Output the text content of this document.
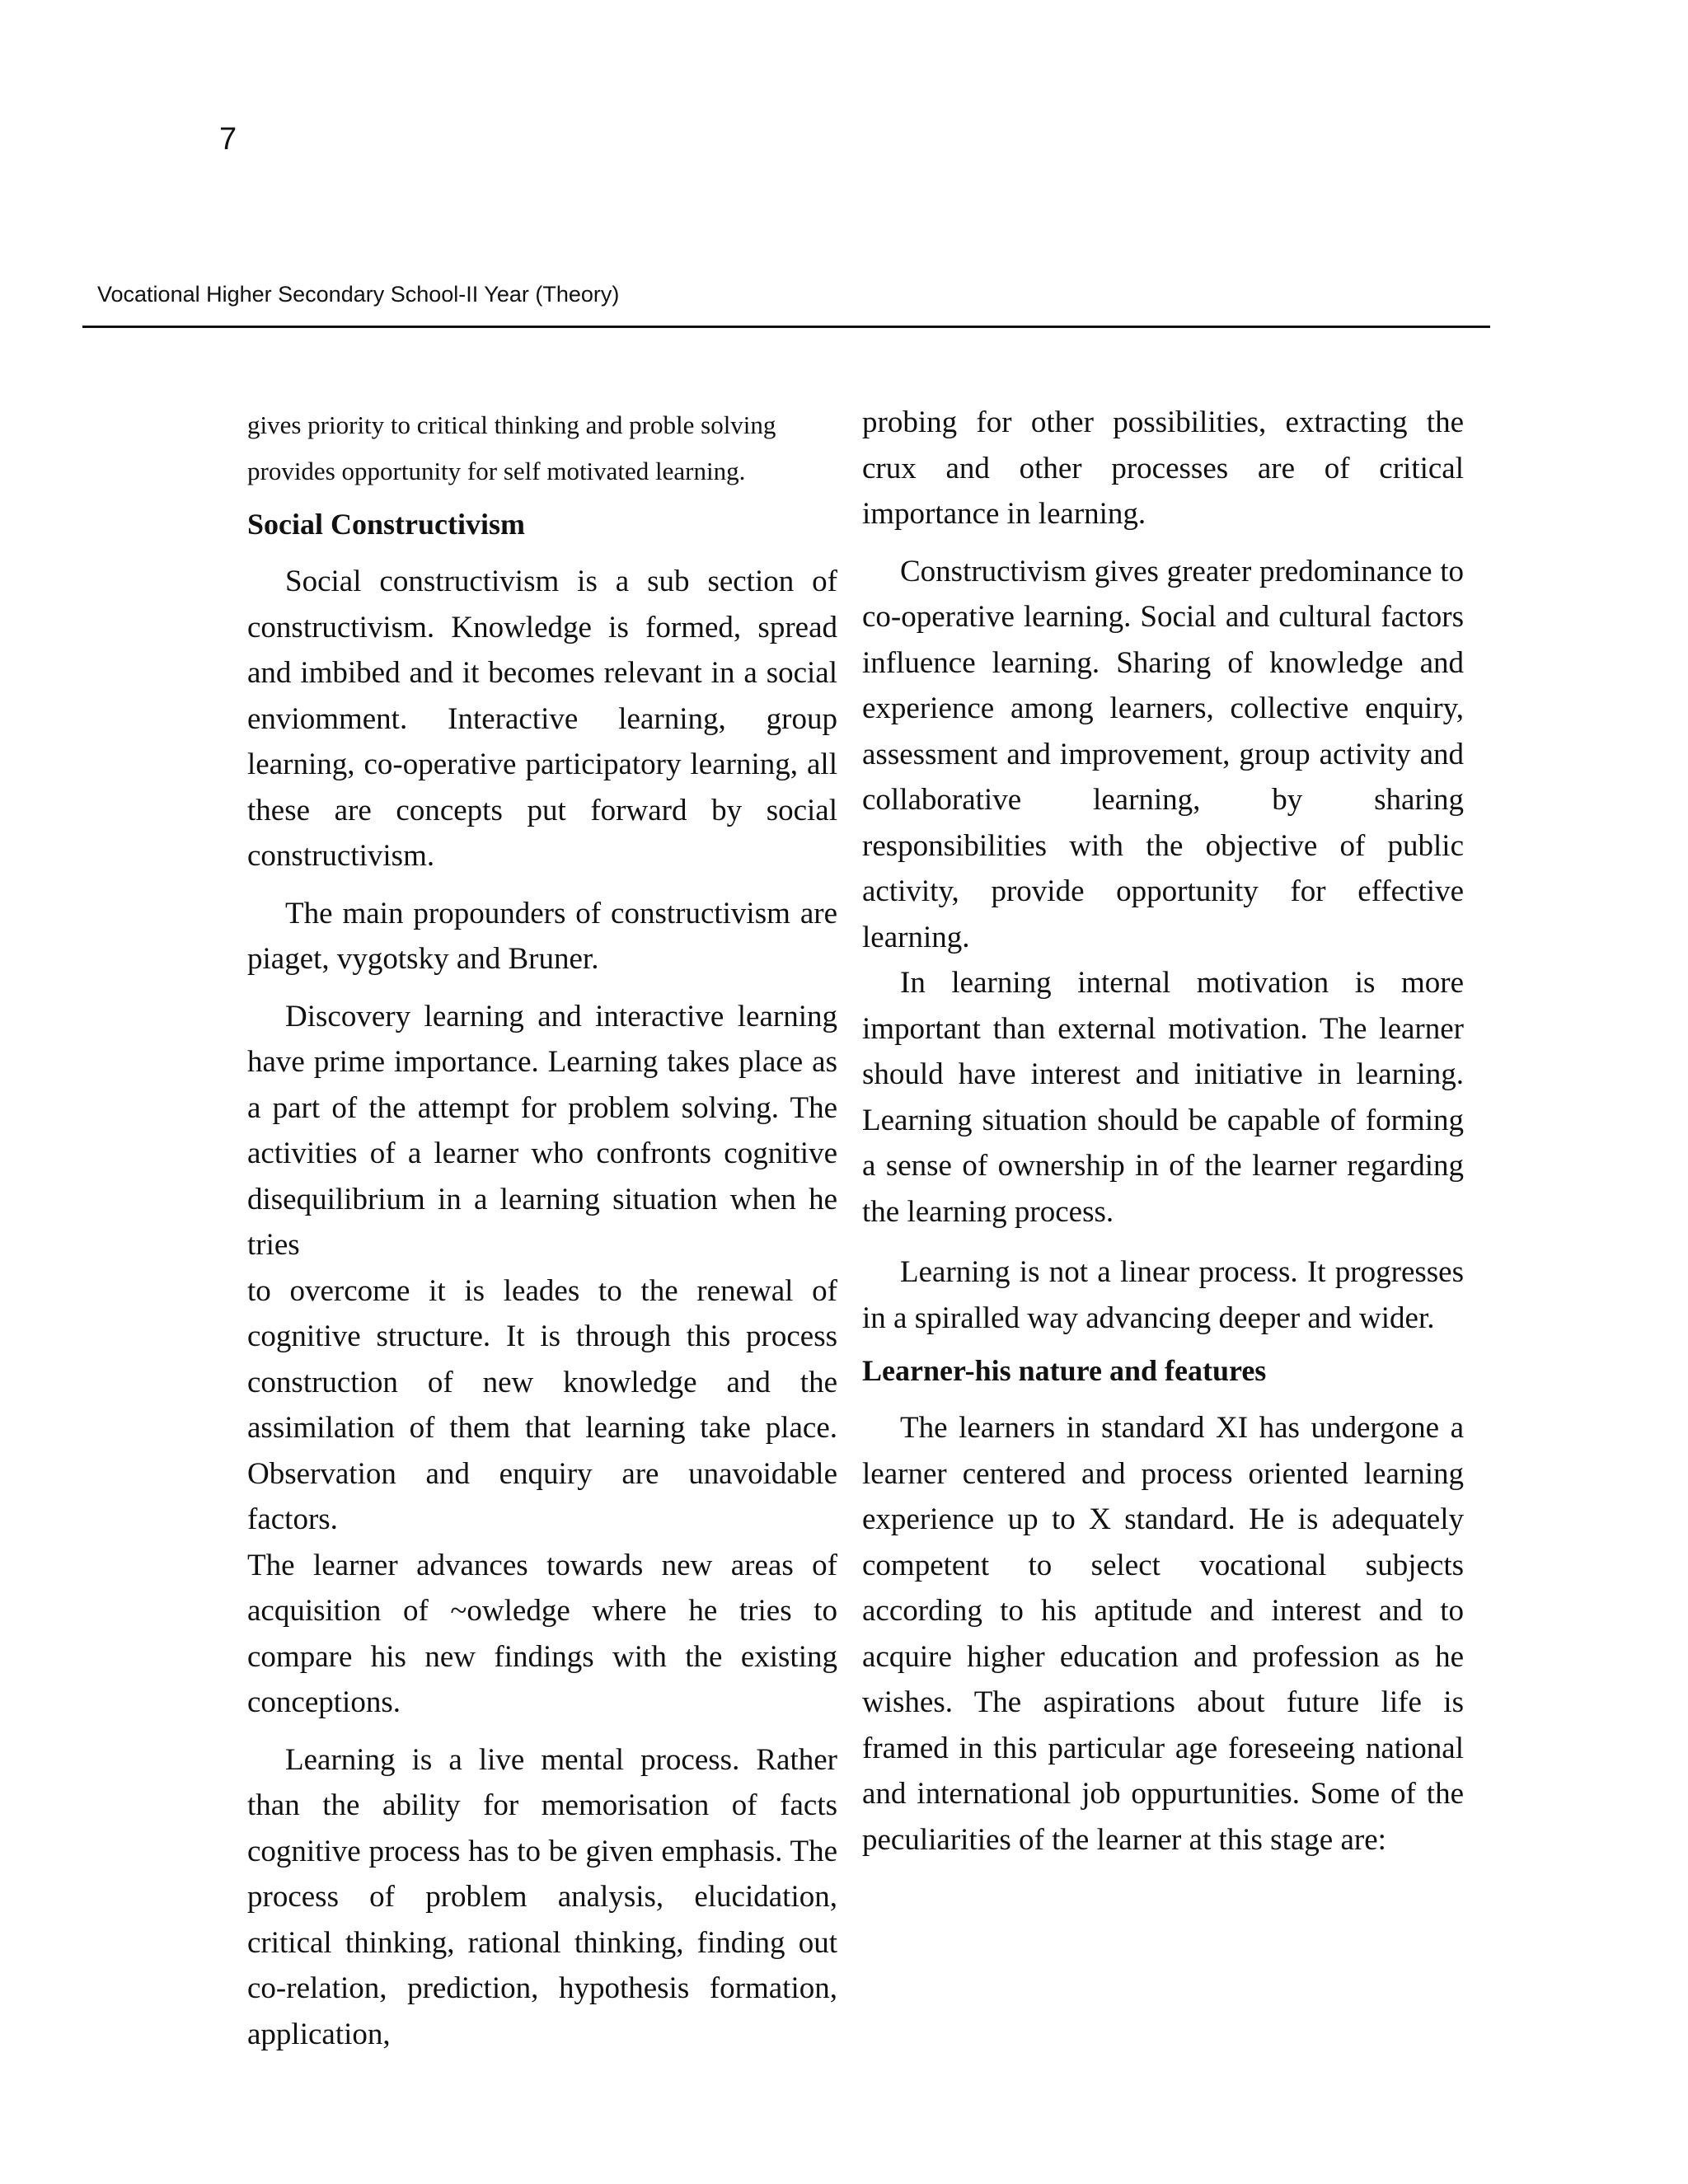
7
Vocational Higher Secondary School-II Year (Theory)

gives priority to critical thinking and proble solving

provides opportunity for self motivated learning.

Social Constructivism

Social constructivism is a sub section of constructivism. Knowledge is formed, spread and imbibed and it becomes relevant in a social enviomment. Interactive learning, group learning, co-operative participatory learning, all these are concepts put forward by social constructivism.

The main propounders of constructivism are piaget, vygotsky and Bruner.

Discovery learning and interactive learning have prime importance. Learning takes place as a part of the attempt for problem solving. The activities of a learner who confronts cognitive disequilibrium in a learning situation when he tries

to overcome it is leades to the renewal of cognitive structure. It is through this process construction of new knowledge and the assimilation of them that learning take place. Observation and enquiry are unavoidable factors.

The learner advances towards new areas of acquisition of ~owledge where he tries to compare his new findings with the existing conceptions.

Learning is a live mental process. Rather than the ability for memorisation of facts cognitive process has to be given emphasis. The process of problem analysis, elucidation, critical thinking, rational thinking, finding out co-relation, prediction, hypothesis formation, application,

probing for other possibilities, extracting the crux and other processes are of critical importance in learning.

Constructivism gives greater predominance to co-operative learning. Social and cultural factors influence learning. Sharing of knowledge and experience among learners, collective enquiry, assessment and improvement, group activity and collaborative learning, by sharing responsibilities with the objective of public activity, provide opportunity for effective learning.

In learning internal motivation is more important than external motivation. The learner should have interest and initiative in learning. Learning situation should be capable of forming a sense of ownership in of the learner regarding the learning process.

Learning is not a linear process. It progresses in a spiralled way advancing deeper and wider.

Learner-his nature and features

The learners in standard XI has undergone a learner centered and process oriented learning experience up to X standard. He is adequately competent to select vocational subjects according to his aptitude and interest and to acquire higher education and profession as he wishes. The aspirations about future life is framed in this particular age foreseeing national and international job oppurtunities. Some of the peculiarities of the learner at this stage are:
